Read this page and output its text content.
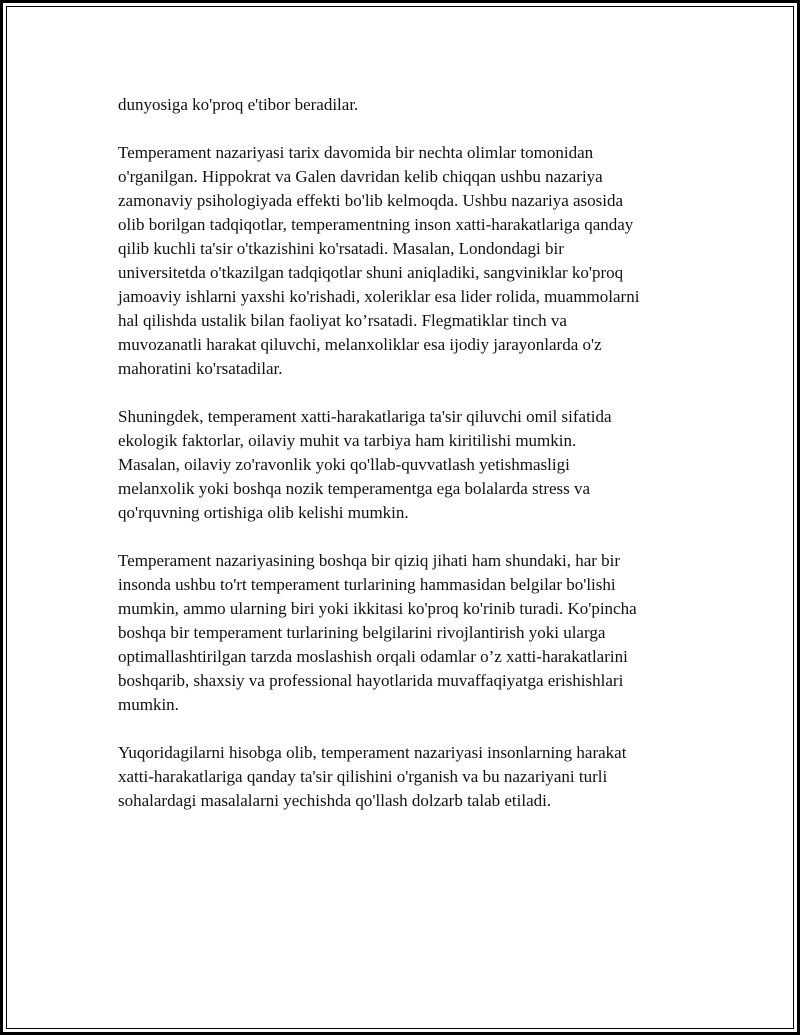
dunyosiga ko'proq e'tibor beradilar.
Temperament nazariyasi tarix davomida bir nechta olimlar tomonidan
o'rganilgan. Hippokrat va Galen davridan kelib chiqqan ushbu nazariya
zamonaviy psihologiyada effekti bo'lib kelmoqda. Ushbu nazariya asosida
olib borilgan tadqiqotlar, temperamentning inson xatti-harakatlariga qanday
qilib kuchli ta'sir o'tkazishini ko'rsatadi. Masalan, Londondagi bir
universitetda o'tkazilgan tadqiqotlar shuni aniqladiki, sangviniklar ko'proq
jamoaviy ishlarni yaxshi ko'rishadi, xoleriklar esa lider rolida, muammolarni
hal qilishda ustalik bilan faoliyat ko’rsatadi. Flegmatiklar tinch va
muvozanatli harakat qiluvchi, melanxoliklar esa ijodiy jarayonlarda o'z
mahoratini ko'rsatadilar.
Shuningdek, temperament xatti-harakatlariga ta'sir qiluvchi omil sifatida
ekologik faktorlar, oilaviy muhit va tarbiya ham kiritilishi mumkin.
Masalan, oilaviy zo'ravonlik yoki qo'llab-quvvatlash yetishmasligi
melanxolik yoki boshqa nozik temperamentga ega bolalarda stress va
qo'rquvning ortishiga olib kelishi mumkin.
Temperament nazariyasining boshqa bir qiziq jihati ham shundaki, har bir
insonda ushbu to'rt temperament turlarining hammasidan belgilar bo'lishi
mumkin, ammo ularning biri yoki ikkitasi ko'proq ko'rinib turadi. Ko'pincha
boshqa bir temperament turlarining belgilarini rivojlantirish yoki ularga
optimallashtirilgan tarzda moslashish orqali odamlar o’z xatti-harakatlarini
boshqarib, shaxsiy va professional hayotlarida muvaffaqiyatga erishishlari
mumkin.
Yuqoridagilarni hisobga olib, temperament nazariyasi insonlarning harakat
xatti-harakatlariga qanday ta'sir qilishini o'rganish va bu nazariyani turli
sohalardagi masalalarni yechishda qo'llash dolzarb talab etiladi.
